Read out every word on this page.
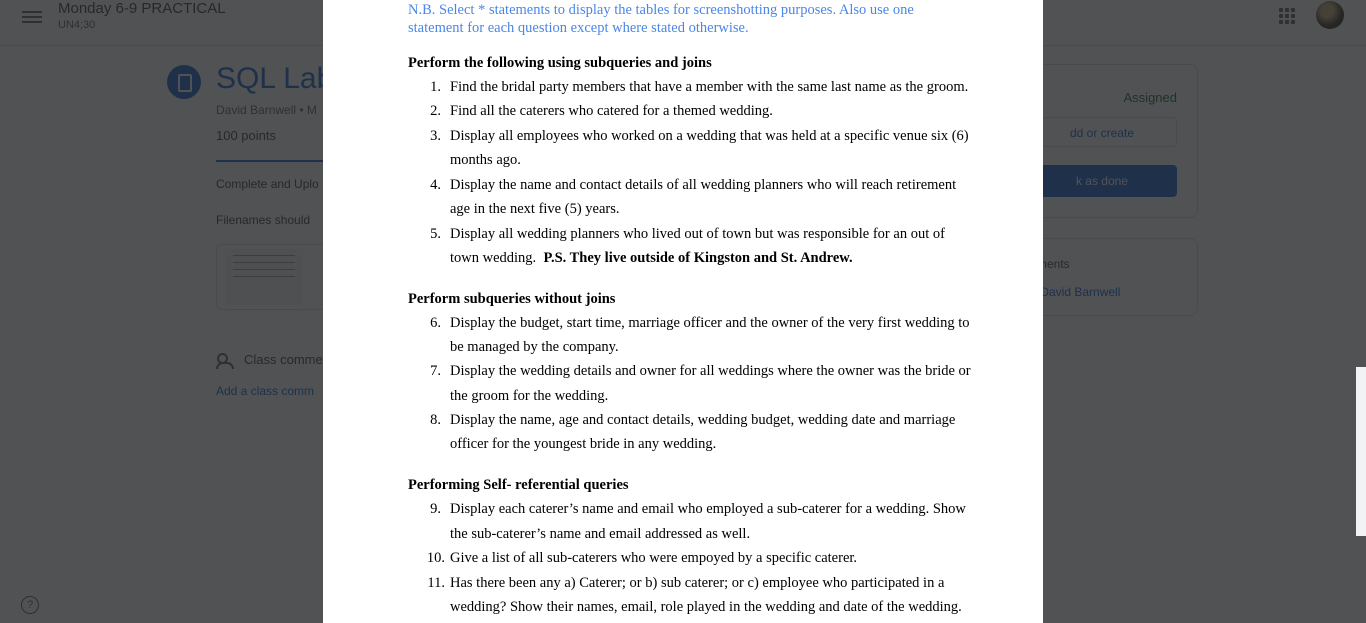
N.B. Select * statements to display the tables for screenshotting purposes. Also use one
statement for each question except where stated otherwise.
Perform the following using subqueries and joins
1. Find the bridal party members that have a member with the same last name as the groom.
2. Find all the caterers who catered for a themed wedding.
3. Display all employees who worked on a wedding that was held at a specific venue six (6)
months ago.
4. Display the name and contact details of all wedding planners who will reach retirement
age in the next five (5) years.
5. Display all wedding planners who lived out of town but was responsible for an out of
town wedding. P.S. They live outside of Kingston and St. Andrew.
Perform subqueries without joins
6. Display the budget, start time, marriage officer and the owner of the very first wedding to
be managed by the company.
7. Display the wedding details and owner for all weddings where the owner was the bride or
the groom for the wedding.
8. Display the name, age and contact details, wedding budget, wedding date and marriage
officer for the youngest bride in any wedding.
Performing Self- referential queries
9. Display each caterer’s name and email who employed a sub-caterer for a wedding. Show
the sub-caterer’s name and email addressed as well.
10. Give a list of all sub-caterers who were empoyed by a specific caterer.
11. Has there been any a) Caterer; or b) sub caterer; or c) employee who participated in a
wedding? Show their names, email, role played in the wedding and date of the wedding.
